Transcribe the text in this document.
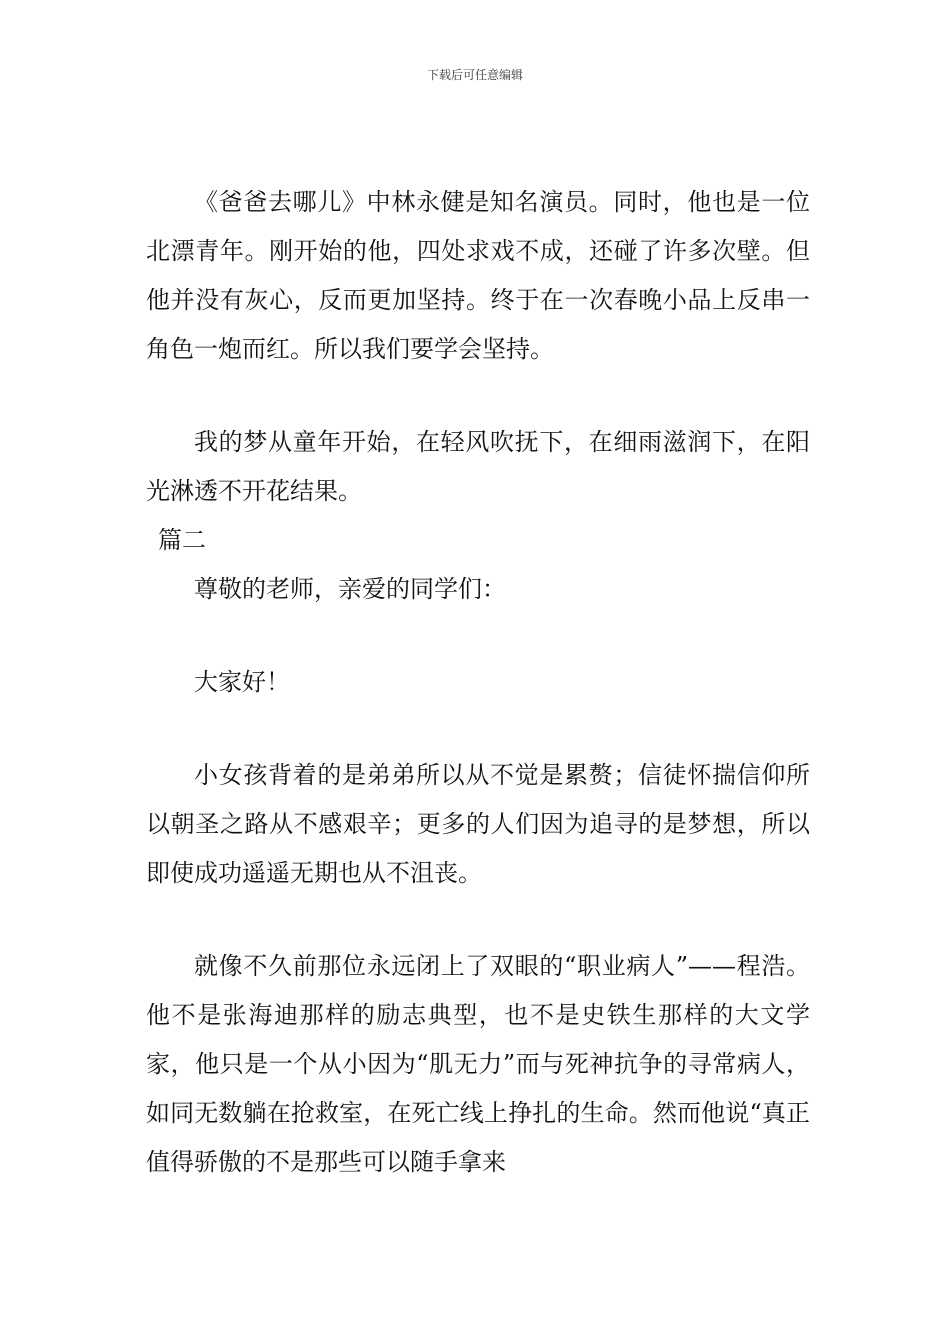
下载后可任意编辑

《爸爸去哪儿》中林永健是知名演员。同时，他也是一位北漂青年。刚开始的他，四处求戏不成，还碰了许多次壁。但他并没有灰心，反而更加坚持。终于在一次春晚小品上反串一角色一炮而红。所以我们要学会坚持。

我的梦从童年开始，在轻风吹抚下，在细雨滋润下，在阳光淋透不开花结果。

篇二

尊敬的老师，亲爱的同学们：

大家好！

小女孩背着的是弟弟所以从不觉是累赘；信徒怀揣信仰所以朝圣之路从不感艰辛；更多的人们因为追寻的是梦想，所以即使成功遥遥无期也从不沮丧。

就像不久前那位永远闭上了双眼的“职业病人”——程浩。他不是张海迪那样的励志典型，也不是史铁生那样的大文学家，他只是一个从小因为“肌无力”而与死神抗争的寻常病人，如同无数躺在抢救室，在死亡线上挣扎的生命。然而他说“真正值得骄傲的不是那些可以随手拿来
